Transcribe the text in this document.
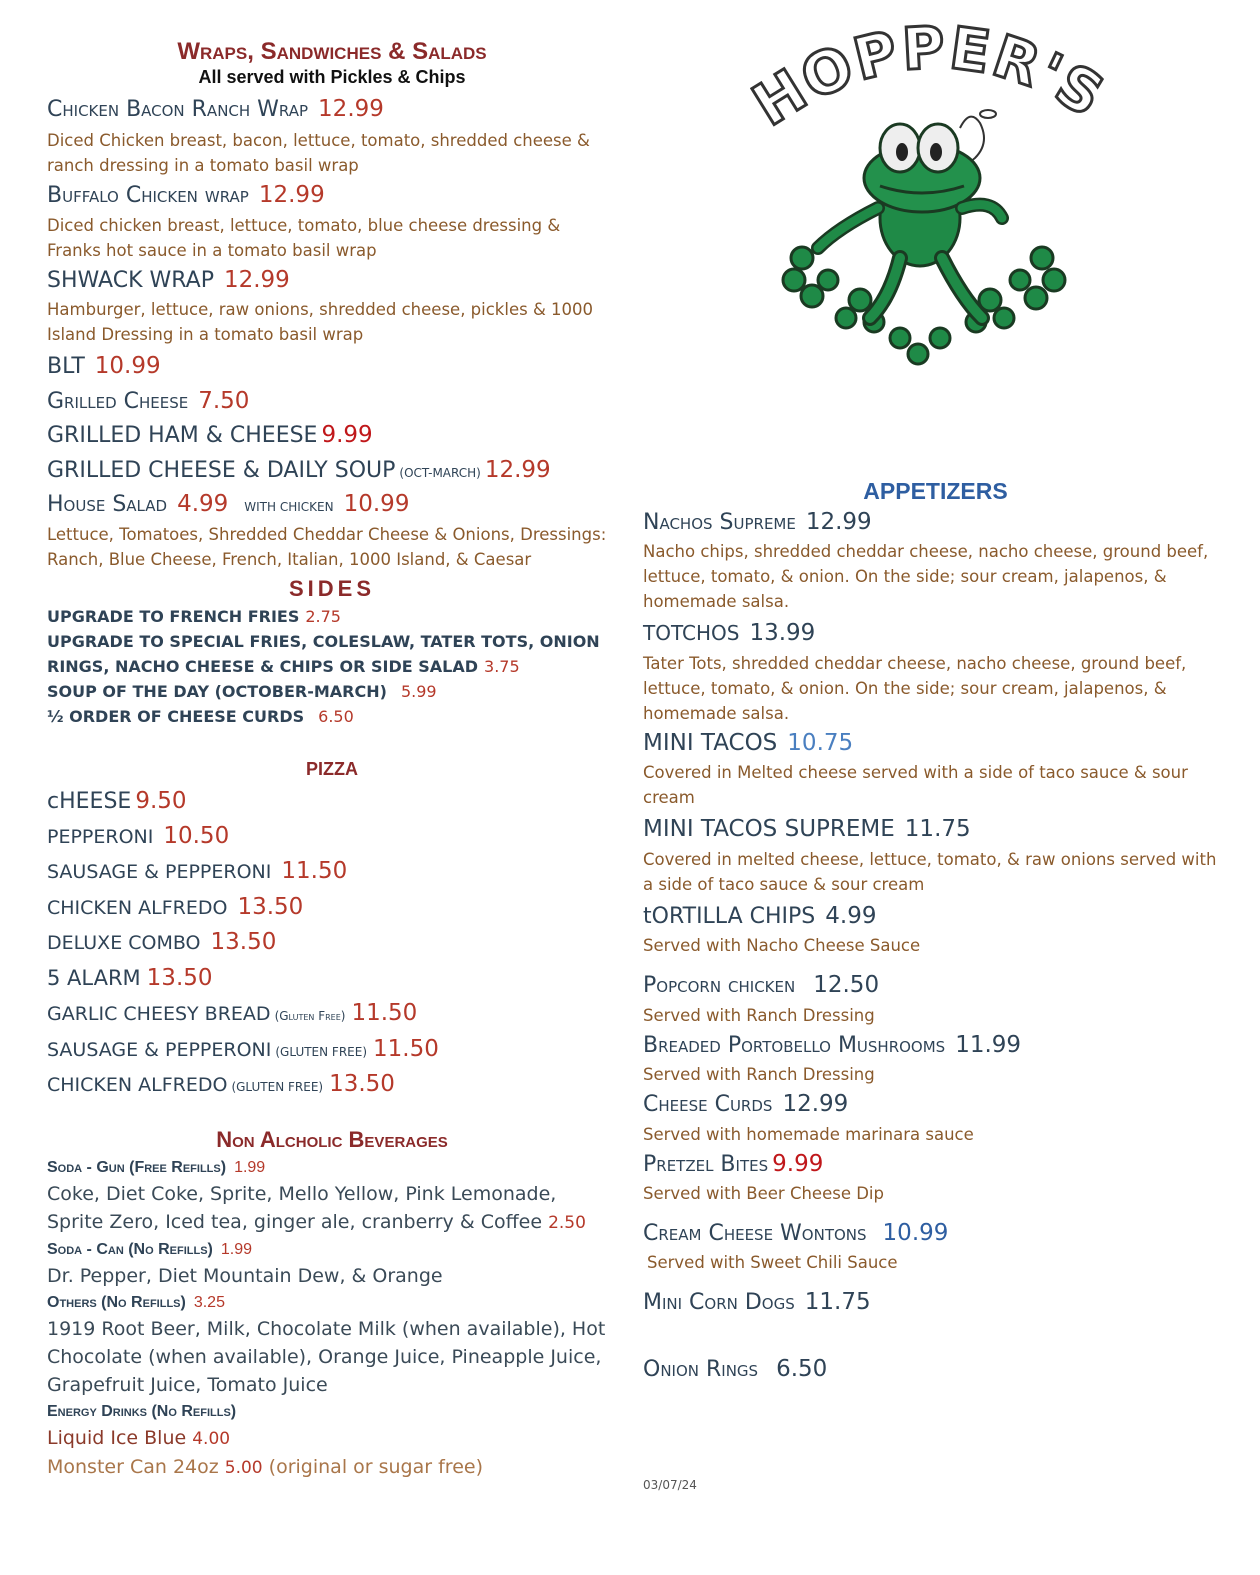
Wraps, Sandwiches & Salads
All served with Pickles & Chips
Chicken Bacon Ranch Wrap 12.99
Diced Chicken breast, bacon, lettuce, tomato, shredded cheese & ranch dressing in a tomato basil wrap
Buffalo Chicken wrap 12.99
Diced chicken breast, lettuce, tomato, blue cheese dressing & Franks hot sauce in a tomato basil wrap
SHWACK WRAP 12.99
Hamburger, lettuce, raw onions, shredded cheese, pickles & 1000 Island Dressing in a tomato basil wrap
BLT 10.99
Grilled Cheese 7.50
GRILLED HAM & CHEESE 9.99
GRILLED CHEESE & DAILY SOUP (OCT-MARCH) 12.99
House Salad 4.99 WITH CHICKEN 10.99
Lettuce, Tomatoes, Shredded Cheddar Cheese & Onions, Dressings: Ranch, Blue Cheese, French, Italian, 1000 Island, & Caesar
SIDES
UPGRADE TO FRENCH FRIES 2.75
UPGRADE TO SPECIAL FRIES, COLESLAW, TATER TOTS, ONION RINGS, NACHO CHEESE & CHIPS OR SIDE SALAD 3.75
SOUP OF THE DAY (OCTOBER-MARCH) 5.99
½ ORDER OF CHEESE CURDS 6.50
PIZZA
cHEESE 9.50
PEPPERONI 10.50
SAUSAGE & PEPPERONI 11.50
CHICKEN ALFREDO 13.50
DELUXE COMBO 13.50
5 ALARM 13.50
GARLIC CHEESY BREAD (Gluten Free) 11.50
SAUSAGE & PEPPERONI (GLUTEN FREE) 11.50
CHICKEN ALFREDO (GLUTEN FREE) 13.50
Non Alcholic Beverages
Soda - Gun (Free Refills) 1.99
Coke, Diet Coke, Sprite, Mello Yellow, Pink Lemonade, Sprite Zero, Iced tea, ginger ale, cranberry & Coffee 2.50
Soda - Can (No Refills) 1.99
Dr. Pepper, Diet Mountain Dew, & Orange
Others (No Refills) 3.25
1919 Root Beer, Milk, Chocolate Milk (when available), Hot Chocolate (when available), Orange Juice, Pineapple Juice, Grapefruit Juice, Tomato Juice
Energy Drinks (No Refills)
Liquid Ice Blue 4.00
Monster Can 24oz 5.00 (original or sugar free)
OPPER'S
APPETIZERS
Nachos Supreme 12.99
Nacho chips, shredded cheddar cheese, nacho cheese, ground beef, lettuce, tomato, & onion. On the side; sour cream, jalapenos, & homemade salsa.
TOTCHOS 13.99
Tater Tots, shredded cheddar cheese, nacho cheese, ground beef, lettuce, tomato, & onion. On the side; sour cream, jalapenos, & homemade salsa.
MINI TACOS 10.75
Covered in Melted cheese served with a side of taco sauce & sour cream
MINI TACOS SUPREME 11.75
Covered in melted cheese, lettuce, tomato, & raw onions served with a side of taco sauce & sour cream
tORTILLA CHIPS 4.99
Served with Nacho Cheese Sauce
Popcorn chicken 12.50
Served with Ranch Dressing
Breaded Portobello Mushrooms 11.99
Served with Ranch Dressing
Cheese Curds 12.99
Served with homemade marinara sauce
Pretzel Bites 9.99
Served with Beer Cheese Dip
Cream Cheese Wontons 10.99
Served with Sweet Chili Sauce
Mini Corn Dogs 11.75
Onion Rings 6.50
03/07/24
